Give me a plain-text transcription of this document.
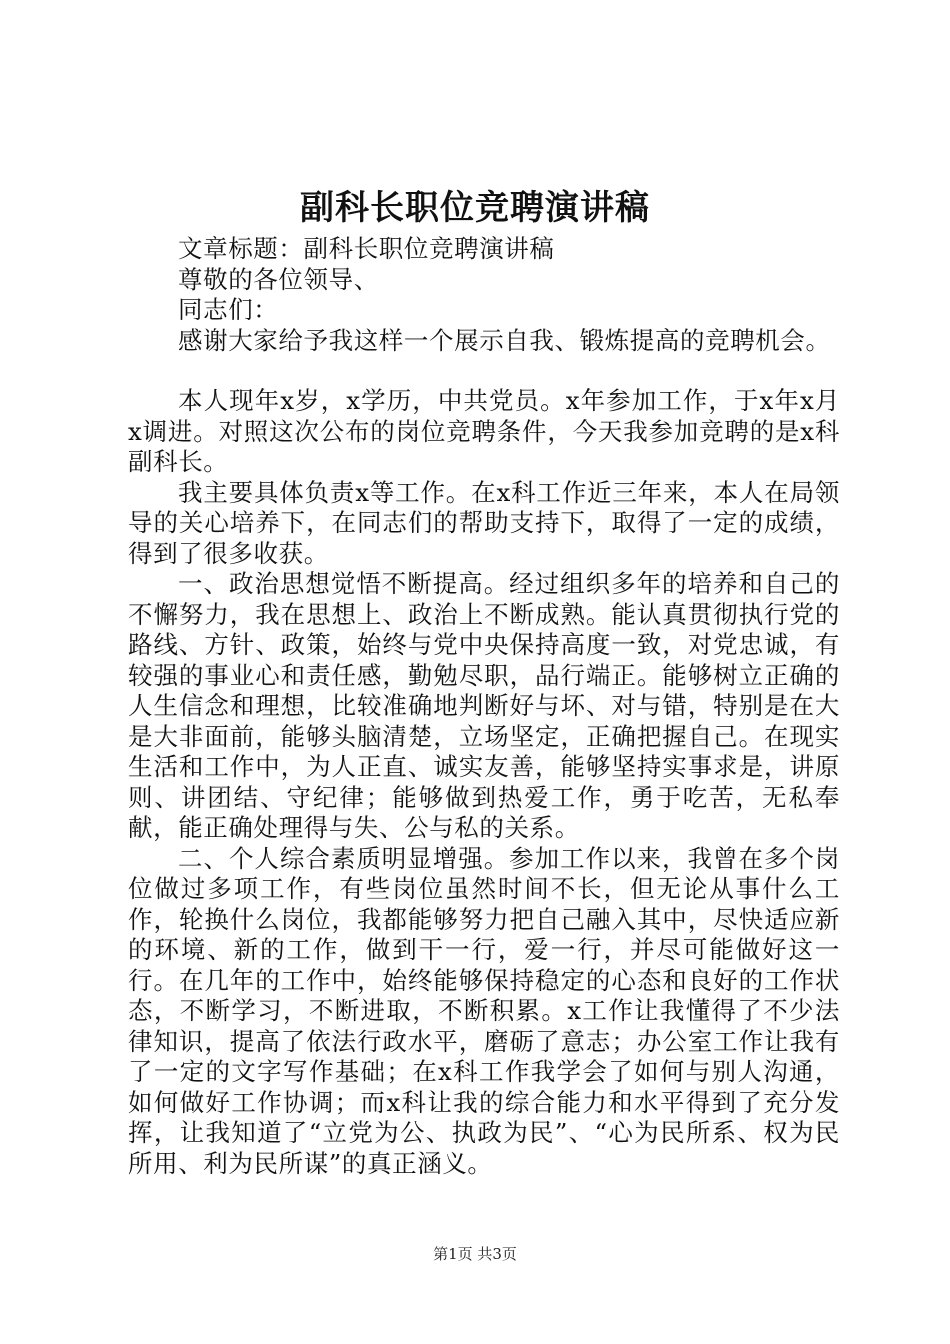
副科长职位竞聘演讲稿

文章标题：副科长职位竞聘演讲稿

尊敬的各位领导、

同志们：

感谢大家给予我这样一个展示自我、锻炼提高的竞聘机会。

本人现年x岁，x学历，中共党员。x年参加工作，于x年x月x调进。对照这次公布的岗位竞聘条件，今天我参加竞聘的是x科副科长。

我主要具体负责x等工作。在x科工作近三年来，本人在局领导的关心培养下，在同志们的帮助支持下，取得了一定的成绩，得到了很多收获。

一、政治思想觉悟不断提高。经过组织多年的培养和自己的不懈努力，我在思想上、政治上不断成熟。能认真贯彻执行党的路线、方针、政策，始终与党中央保持高度一致，对党忠诚，有较强的事业心和责任感，勤勉尽职，品行端正。能够树立正确的人生信念和理想，比较准确地判断好与坏、对与错，特别是在大是大非面前，能够头脑清楚，立场坚定，正确把握自己。在现实生活和工作中，为人正直、诚实友善，能够坚持实事求是，讲原则、讲团结、守纪律；能够做到热爱工作，勇于吃苦，无私奉献，能正确处理得与失、公与私的关系。

二、个人综合素质明显增强。参加工作以来，我曾在多个岗位做过多项工作，有些岗位虽然时间不长，但无论从事什么工作，轮换什么岗位，我都能够努力把自己融入其中，尽快适应新的环境、新的工作，做到干一行，爱一行，并尽可能做好这一行。在几年的工作中，始终能够保持稳定的心态和良好的工作状态，不断学习，不断进取，不断积累。x工作让我懂得了不少法律知识，提高了依法行政水平，磨砺了意志；办公室工作让我有了一定的文字写作基础；在x科工作我学会了如何与别人沟通，如何做好工作协调；而x科让我的综合能力和水平得到了充分发挥，让我知道了“立党为公、执政为民”、“心为民所系、权为民所用、利为民所谋”的真正涵义。

第1页 共3页
